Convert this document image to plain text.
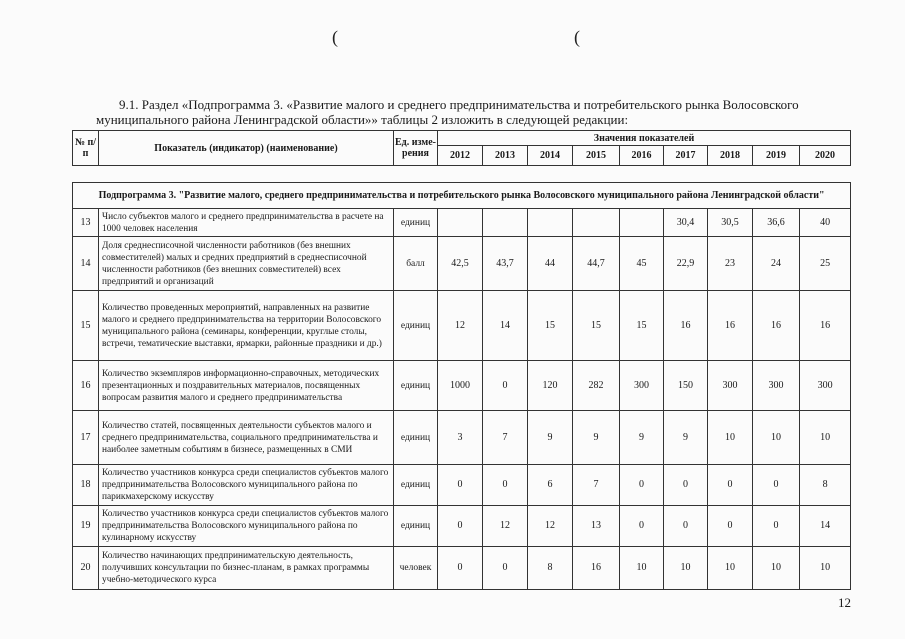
(	(
9.1. Раздел «Подпрограмма 3. «Развитие малого и среднего предпринимательства и потребительского рынка Волосовского
муниципального района Ленинградской области»» таблицы 2 изложить в следующей редакции:
№ п/п	Показатель (индикатор) (наименование)	Ед. изме- рения	Значения показателей								
			2012	2013	2014	2015	2016	2017	2018	2019	2020
Подпрограмма 3. "Развитие малого, среднего предпринимательства и потребительского рынка Волосовского муниципального района Ленинградской области"											
13	Число субъектов малого и среднего предпринимательства в расчете на 1000 человек населения	единиц						30,4	30,5	36,6	40
14	Доля среднесписочной численности работников (без внешних совместителей) малых и средних предприятий в среднесписочной численности работников (без внешних совместителей) всех предприятий и организаций	балл	42,5	43,7	44	44,7	45	22,9	23	24	25
15	Количество проведенных мероприятий, направленных на развитие малого и среднего предпринимательства на территории Волосовского муниципального района (семинары, конференции, круглые столы, встречи, тематические выставки, ярмарки, районные праздники и др.)	единиц	12	14	15	15	15	16	16	16	16
16	Количество экземпляров информационно-справочных, методических презентационных и поздравительных материалов, посвященных вопросам развития малого и среднего предпринимательства	единиц	1000	0	120	282	300	150	300	300	300
17	Количество статей, посвященных деятельности субъектов малого и среднего предпринимательства, социального предпринимательства и наиболее заметным событиям в бизнесе, размещенных в СМИ	единиц	3	7	9	9	9	9	10	10	10
18	Количество участников конкурса среди специалистов субъектов малого предпринимательства Волосовского муниципального района по парикмахерскому искусству	единиц	0	0	6	7	0	0	0	0	8
19	Количество участников конкурса среди специалистов субъектов малого предпринимательства Волосовского муниципального района по кулинарному искусству	единиц	0	12	12	13	0	0	0	0	14
20	Количество начинающих предпринимательскую деятельность, получивших консультации по бизнес-планам, в рамках программы учебно-методического курса	человек	0	0	8	16	10	10	10	10	10
12
